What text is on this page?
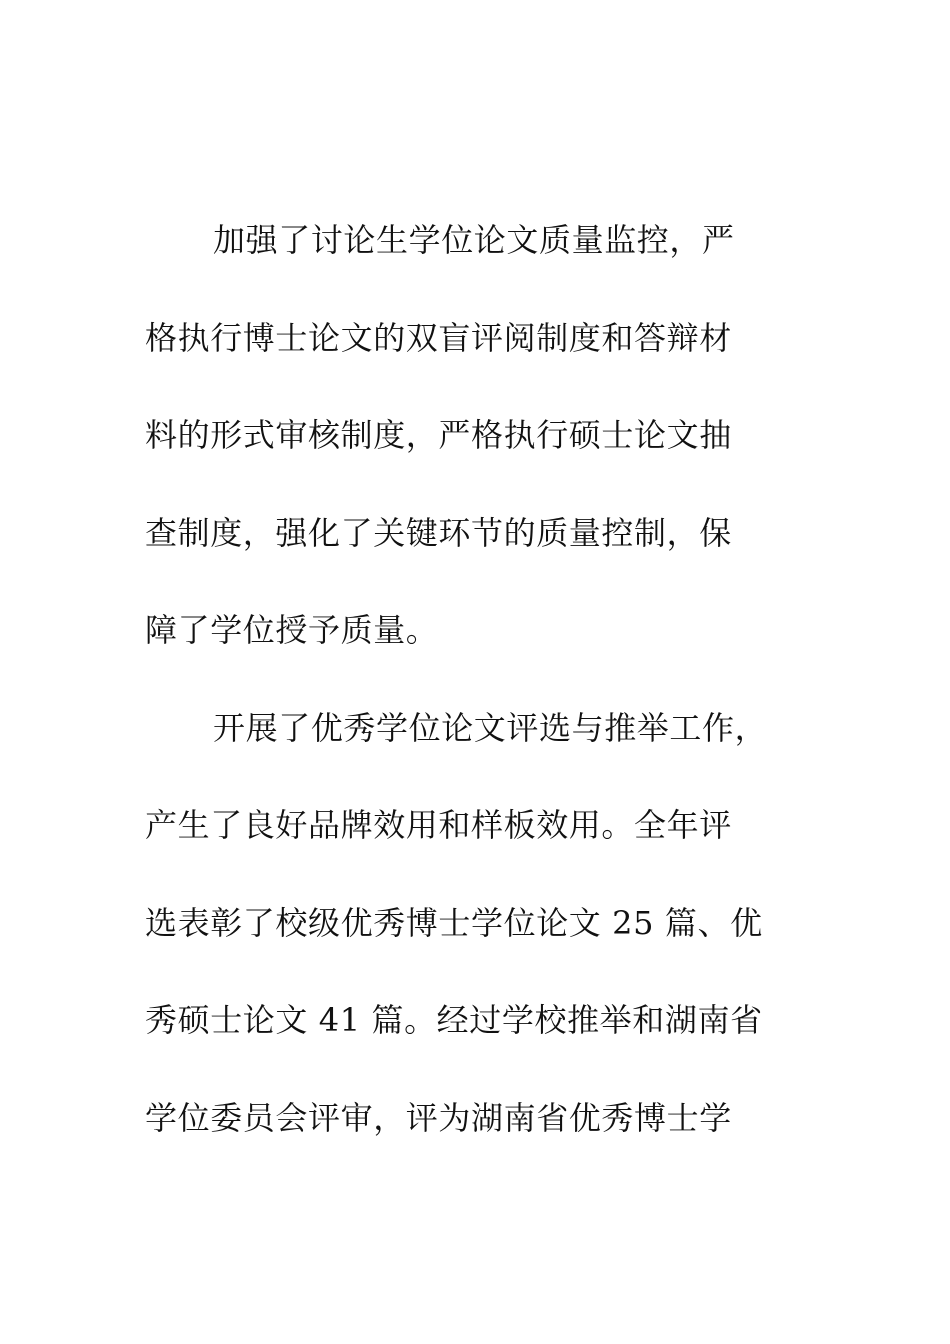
加强了讨论生学位论文质量监控，严
格执行博士论文的双盲评阅制度和答辩材
料的形式审核制度，严格执行硕士论文抽
查制度，强化了关键环节的质量控制，保
障了学位授予质量。
开展了优秀学位论文评选与推举工作，
产生了良好品牌效用和样板效用。全年评
选表彰了校级优秀博士学位论文 25 篇、优
秀硕士论文 41 篇。经过学校推举和湖南省
学位委员会评审，评为湖南省优秀博士学
